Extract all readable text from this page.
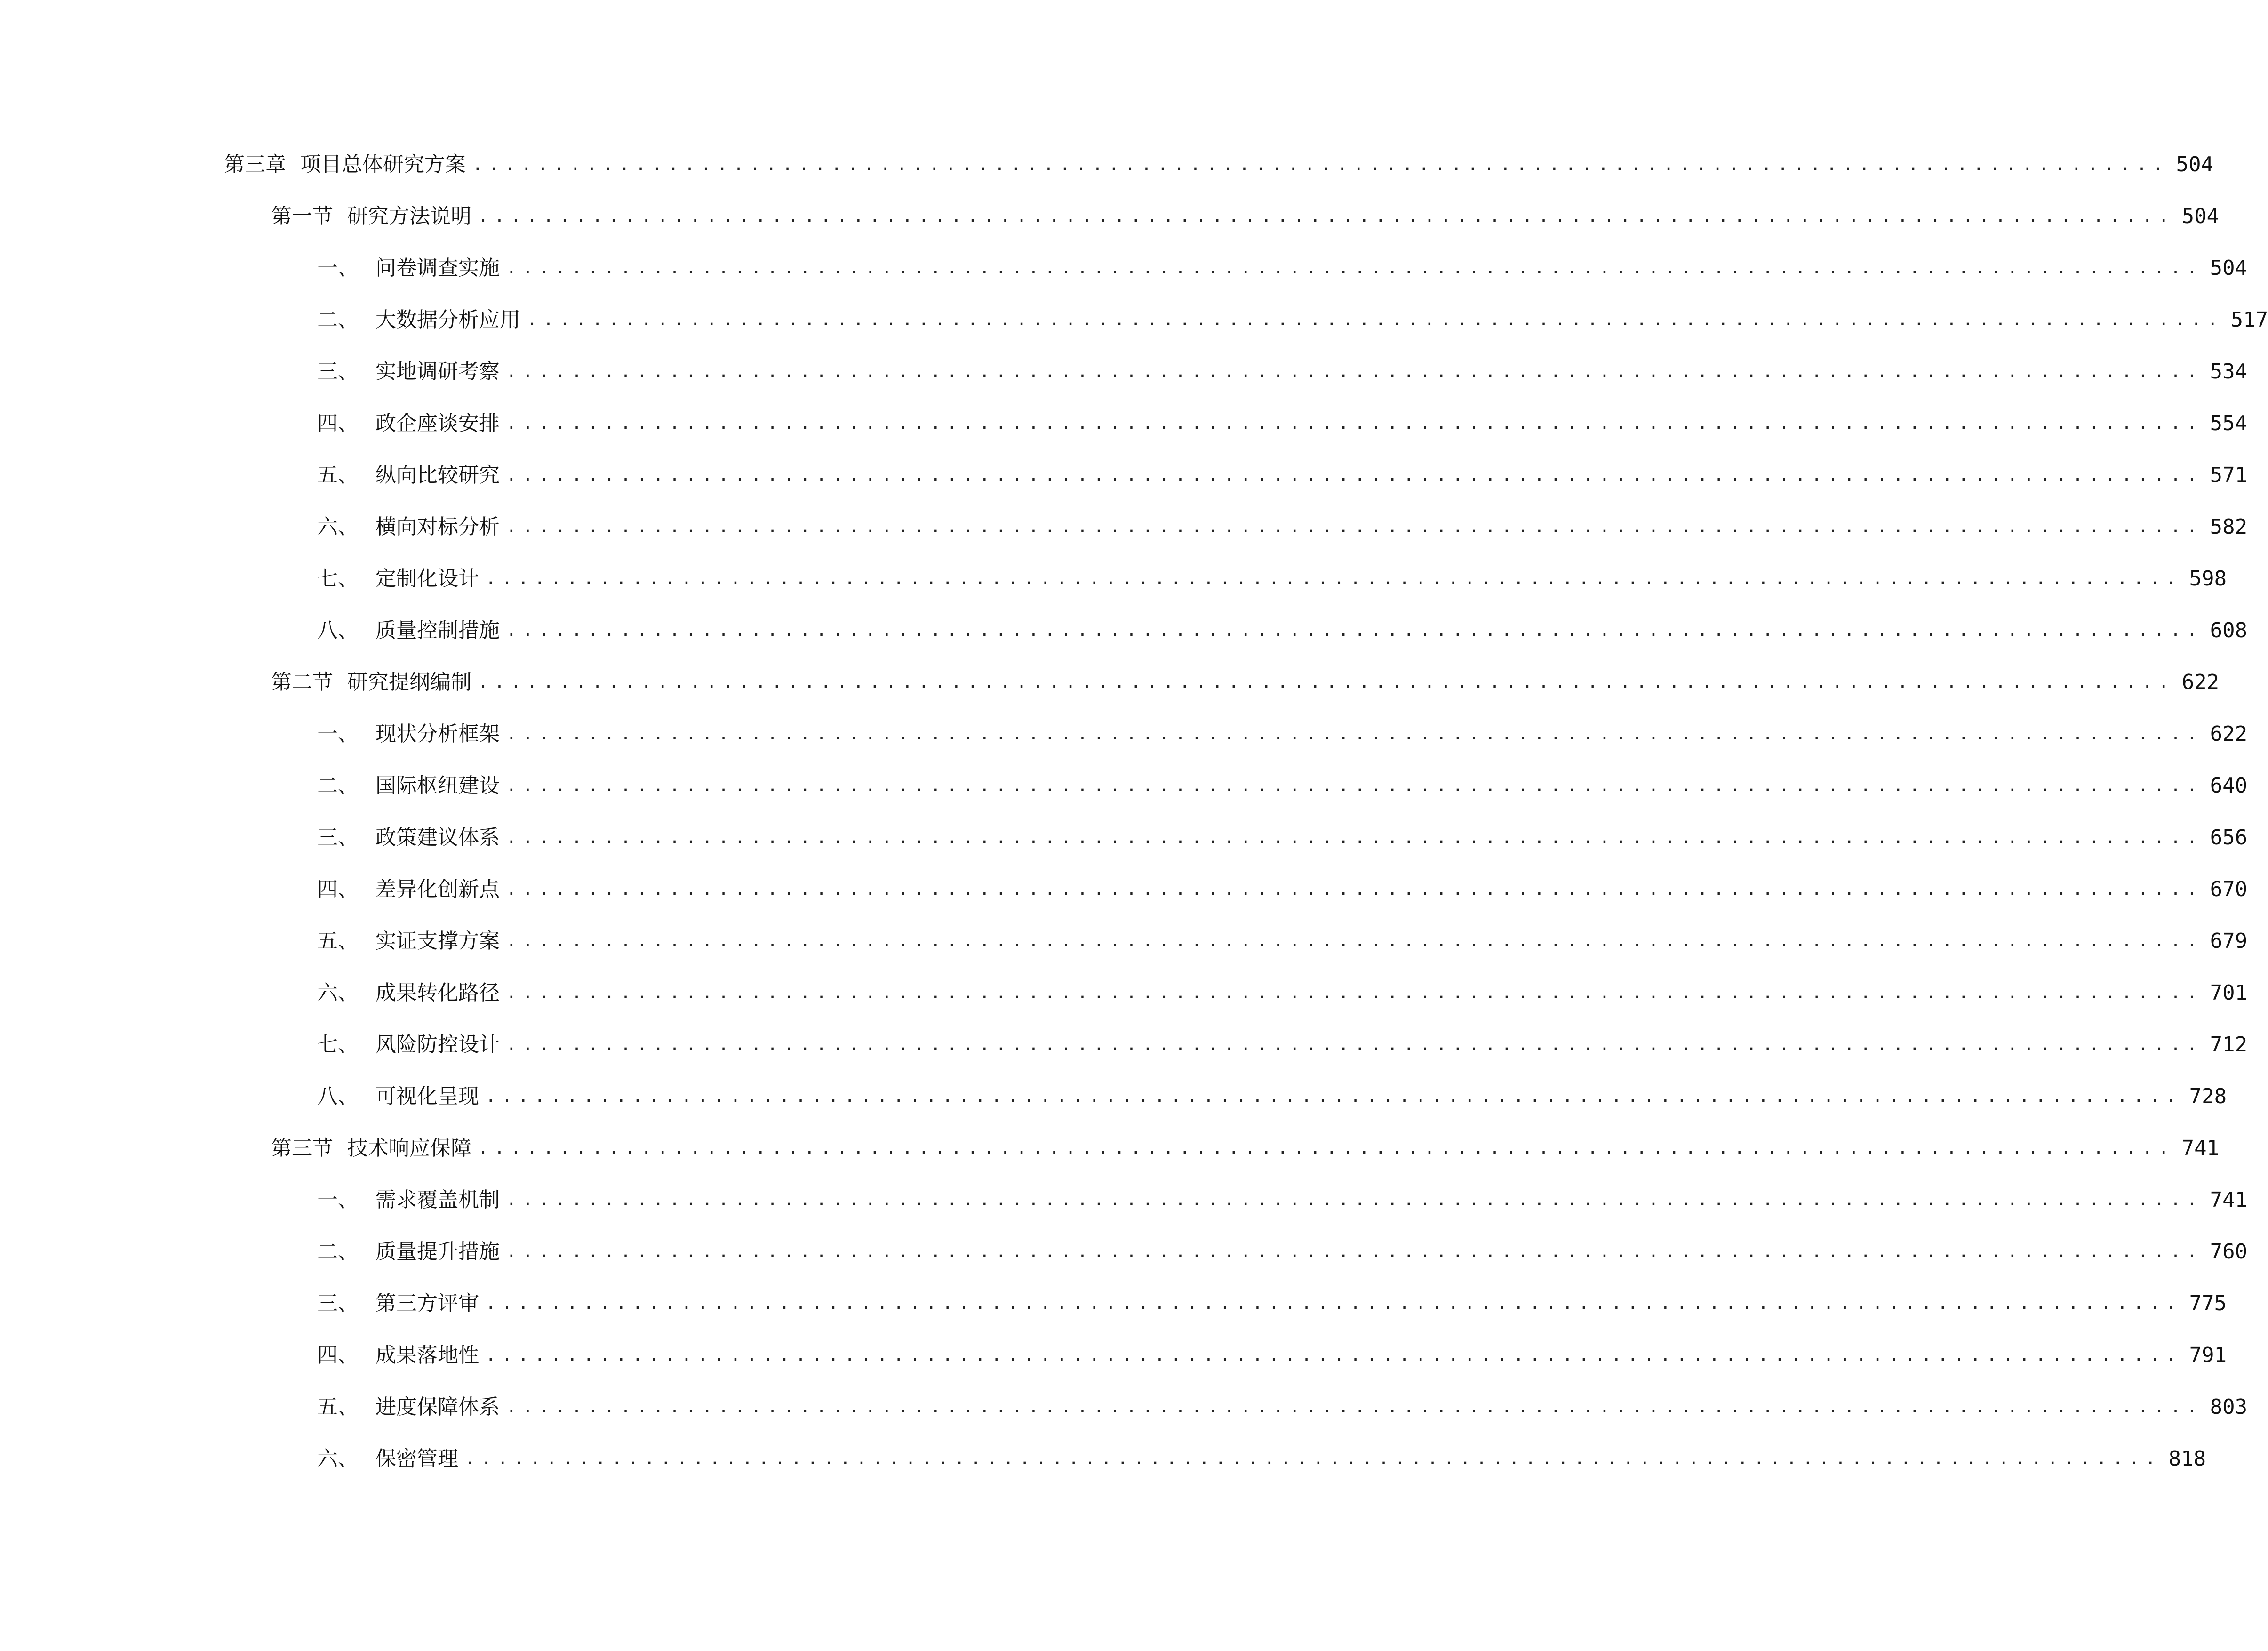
第三章 项目总体研究方案 ........................................................................................................ 504
第一节 研究方法说明 ........................................................................................................ 504
一、 问卷调查实施 ........................................................................................................ 504
二、 大数据分析应用 ........................................................................................................ 517
三、 实地调研考察 ........................................................................................................ 534
四、 政企座谈安排 ........................................................................................................ 554
五、 纵向比较研究 ........................................................................................................ 571
六、 横向对标分析 ........................................................................................................ 582
七、 定制化设计 ........................................................................................................ 598
八、 质量控制措施 ........................................................................................................ 608
第二节 研究提纲编制 ........................................................................................................ 622
一、 现状分析框架 ........................................................................................................ 622
二、 国际枢纽建设 ........................................................................................................ 640
三、 政策建议体系 ........................................................................................................ 656
四、 差异化创新点 ........................................................................................................ 670
五、 实证支撑方案 ........................................................................................................ 679
六、 成果转化路径 ........................................................................................................ 701
七、 风险防控设计 ........................................................................................................ 712
八、 可视化呈现 ........................................................................................................ 728
第三节 技术响应保障 ........................................................................................................ 741
一、 需求覆盖机制 ........................................................................................................ 741
二、 质量提升措施 ........................................................................................................ 760
三、 第三方评审 ........................................................................................................ 775
四、 成果落地性 ........................................................................................................ 791
五、 进度保障体系 ........................................................................................................ 803
六、 保密管理 ........................................................................................................ 818
